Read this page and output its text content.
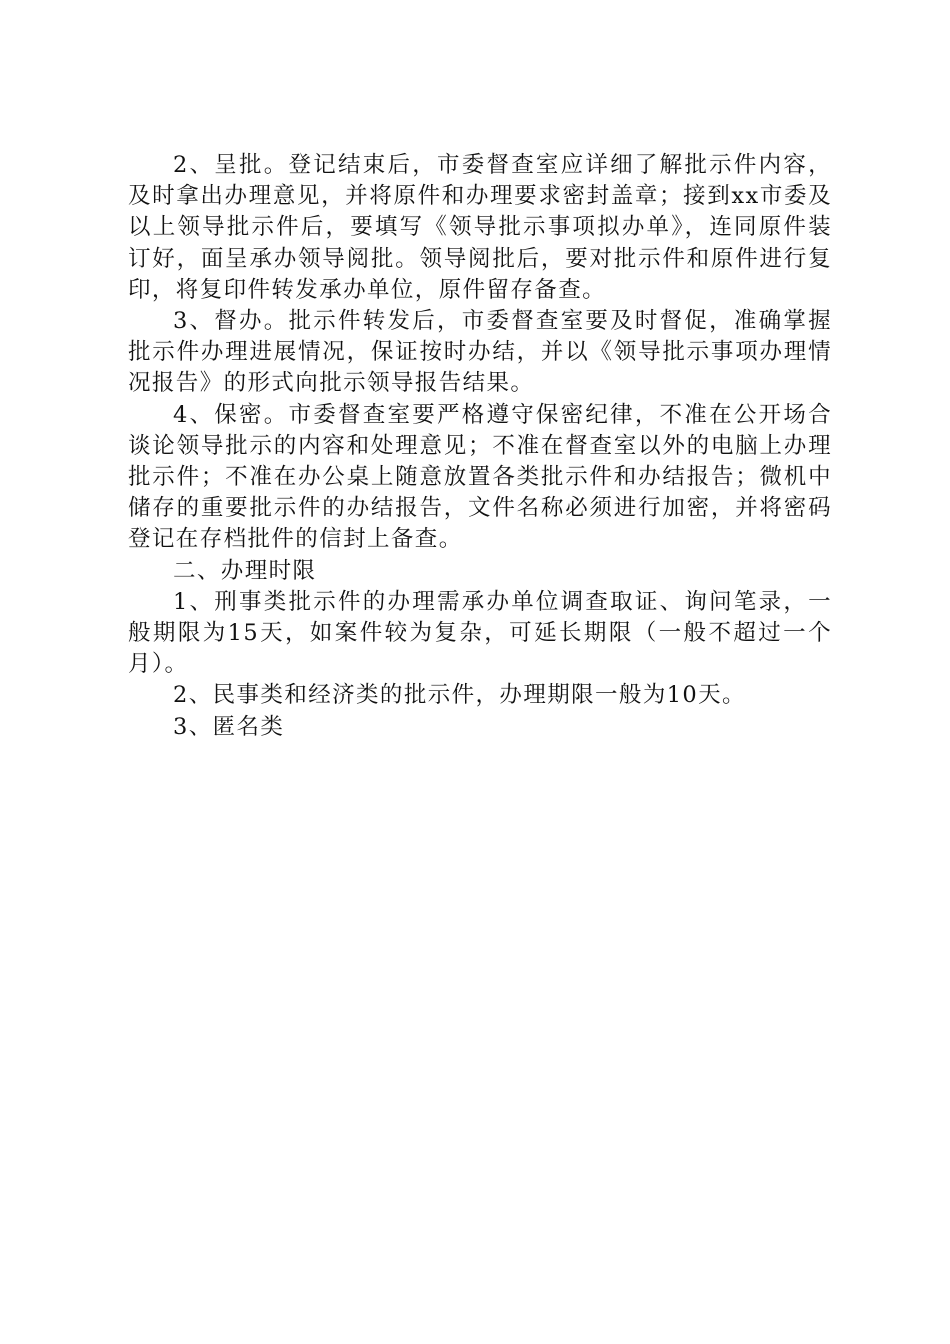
2、呈批。登记结束后，市委督查室应详细了解批示件内容，及时拿出办理意见，并将原件和办理要求密封盖章；接到xx市委及以上领导批示件后，要填写《领导批示事项拟办单》，连同原件装订好，面呈承办领导阅批。领导阅批后，要对批示件和原件进行复印，将复印件转发承办单位，原件留存备查。

3、督办。批示件转发后，市委督查室要及时督促，准确掌握批示件办理进展情况，保证按时办结，并以《领导批示事项办理情况报告》的形式向批示领导报告结果。

4、保密。市委督查室要严格遵守保密纪律，不准在公开场合谈论领导批示的内容和处理意见；不准在督查室以外的电脑上办理批示件；不准在办公桌上随意放置各类批示件和办结报告；微机中储存的重要批示件的办结报告，文件名称必须进行加密，并将密码登记在存档批件的信封上备查。

二、办理时限

1、刑事类批示件的办理需承办单位调查取证、询问笔录，一般期限为15天，如案件较为复杂，可延长期限（一般不超过一个月）。

2、民事类和经济类的批示件，办理期限一般为10天。

3、匿名类
